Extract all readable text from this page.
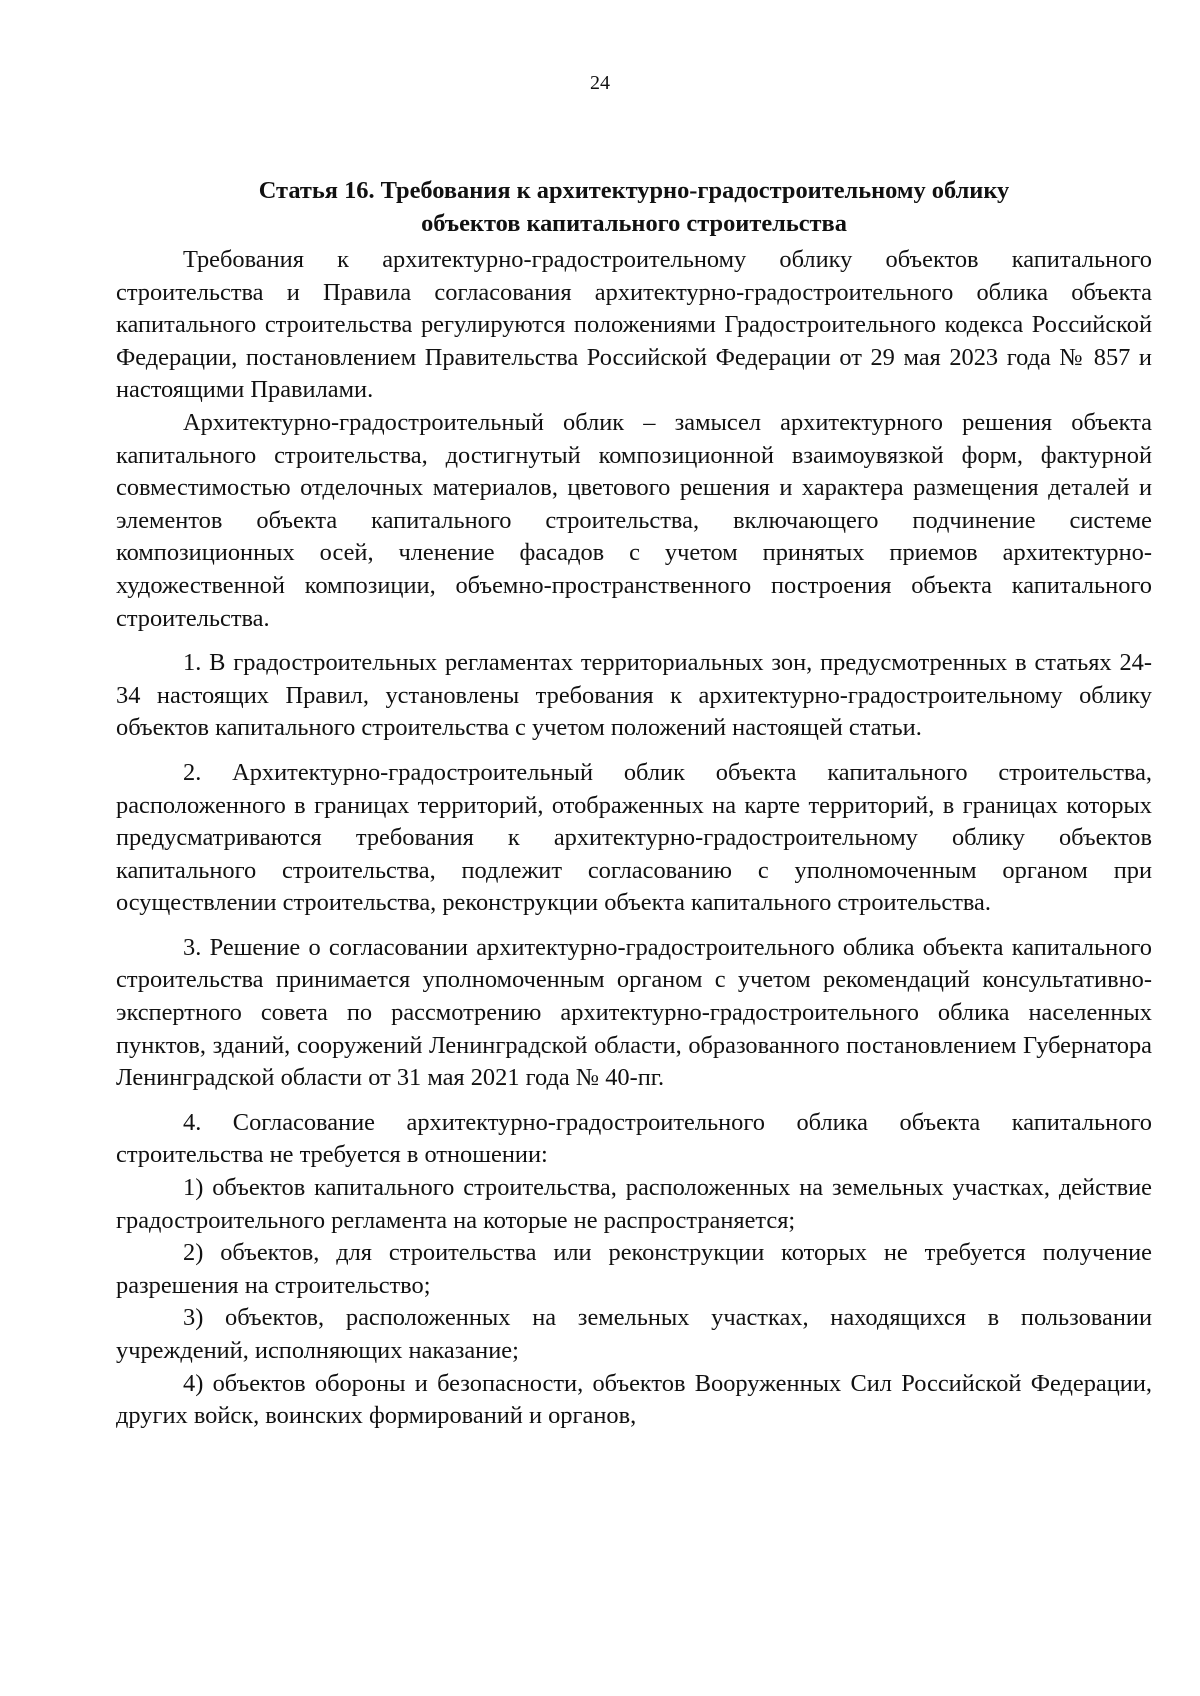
24
Статья 16. Требования к архитектурно-градостроительному облику
объектов капитального строительства

Требования к архитектурно-градостроительному облику объектов капитального строительства и Правила согласования архитектурно-градостроительного облика объекта капитального строительства регулируются положениями Градостроительного кодекса Российской Федерации, постановлением Правительства Российской Федерации от 29 мая 2023 года № 857 и настоящими Правилами.

Архитектурно-градостроительный облик – замысел архитектурного решения объекта капитального строительства, достигнутый композиционной взаимоувязкой форм, фактурной совместимостью отделочных материалов, цветового решения и характера размещения деталей и элементов объекта капитального строительства, включающего подчинение системе композиционных осей, членение фасадов с учетом принятых приемов архитектурно-художественной композиции, объемно-пространственного построения объекта капитального строительства.

1. В градостроительных регламентах территориальных зон, предусмотренных в статьях 24-34 настоящих Правил, установлены требования к архитектурно-градостроительному облику объектов капитального строительства с учетом положений настоящей статьи.

2. Архитектурно-градостроительный облик объекта капитального строительства, расположенного в границах территорий, отображенных на карте территорий, в границах которых предусматриваются требования к архитектурно-градостроительному облику объектов капитального строительства, подлежит согласованию с уполномоченным органом при осуществлении строительства, реконструкции объекта капитального строительства.

3. Решение о согласовании архитектурно-градостроительного облика объекта капитального строительства принимается уполномоченным органом с учетом рекомендаций консультативно-экспертного совета по рассмотрению архитектурно-градостроительного облика населенных пунктов, зданий, сооружений Ленинградской области, образованного постановлением Губернатора Ленинградской области от 31 мая 2021 года № 40-пг.

4. Согласование архитектурно-градостроительного облика объекта капитального строительства не требуется в отношении:

1) объектов капитального строительства, расположенных на земельных участках, действие градостроительного регламента на которые не распространяется;

2) объектов, для строительства или реконструкции которых не требуется получение разрешения на строительство;

3) объектов, расположенных на земельных участках, находящихся в пользовании учреждений, исполняющих наказание;

4) объектов обороны и безопасности, объектов Вооруженных Сил Российской Федерации, других войск, воинских формирований и органов,
